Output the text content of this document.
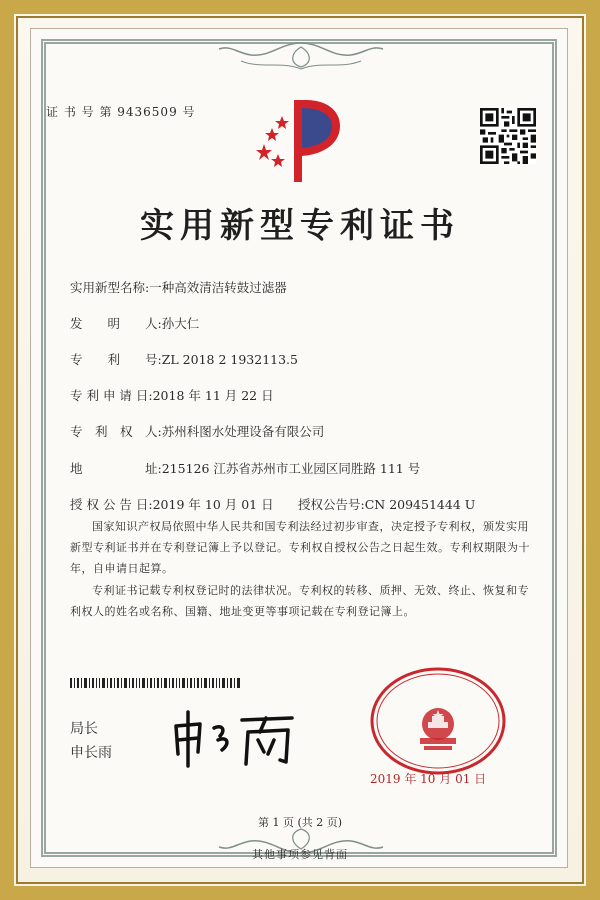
证 书 号 第 9436509 号
实用新型专利证书
实用新型名称:一种高效清洁转鼓过滤器
发　　明　　人:孙大仁
专　　利　　号:ZL 2018 2 1932113.5
专 利 申 请 日:2018 年 11 月 22 日
专　利　权　人:苏州科图水处理设备有限公司
地　　　　　址:215126 江苏省苏州市工业园区同胜路 111 号
授 权 公 告 日:2019 年 10 月 01 日 授权公告号:CN 209451444 U
国家知识产权局依照中华人民共和国专利法经过初步审查，决定授予专利权，颁发实用新型专利证书并在专利登记簿上予以登记。专利权自授权公告之日起生效。专利权期限为十年，自申请日起算。
专利证书记载专利权登记时的法律状况。专利权的转移、质押、无效、终止、恢复和专利权人的姓名或名称、国籍、地址变更等事项记载在专利登记簿上。
局长
申长雨
2019 年 10 月 01 日
第 1 页 (共 2 页)
其他事项参见背面
